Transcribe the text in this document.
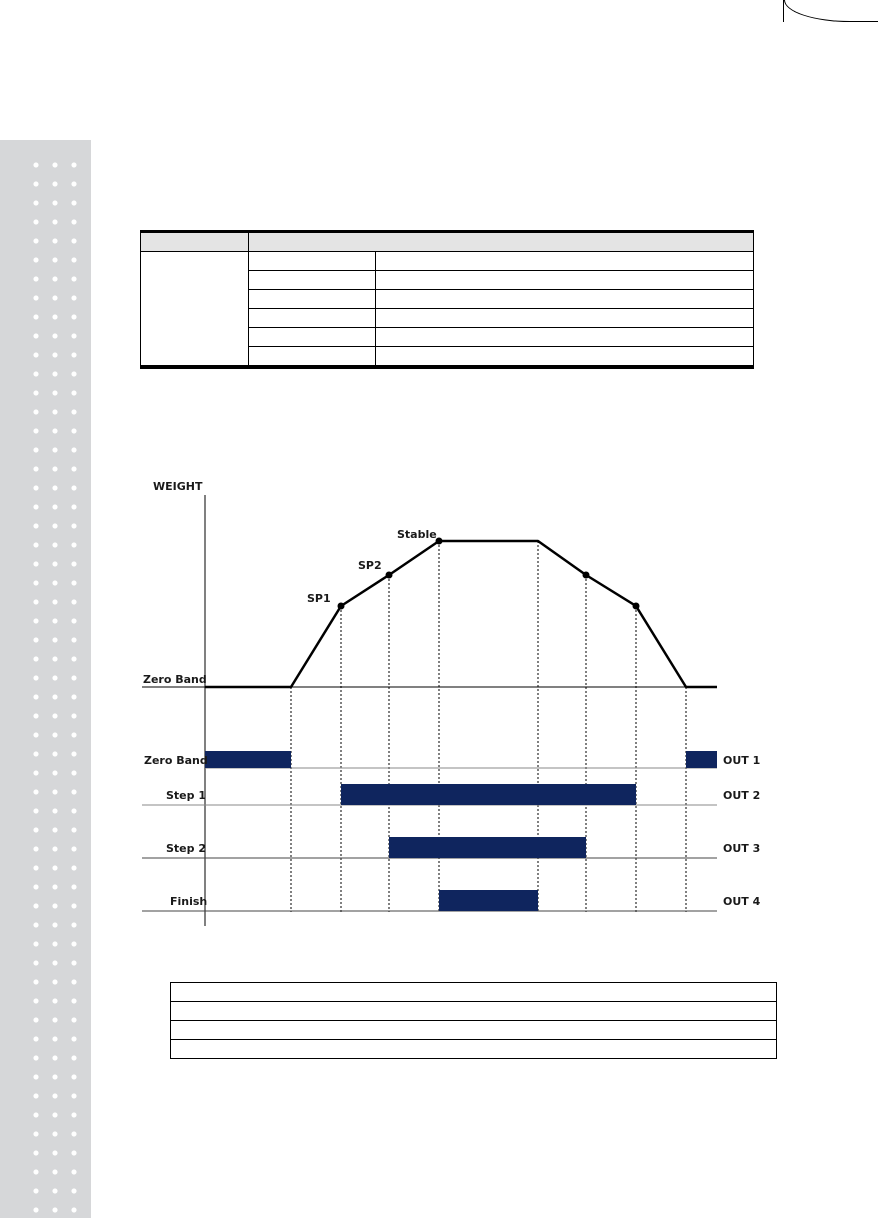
WEIGHT
Zero Band
SP1
SP2
Stable
Zero Band
Step 1
Step 2
Finish
OUT 1
OUT 2
OUT 3
OUT 4
